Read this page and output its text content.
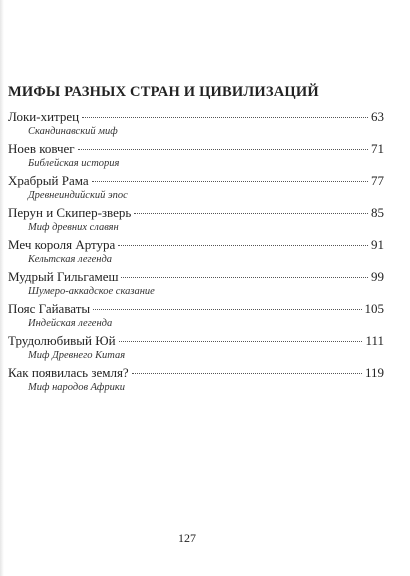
МИФЫ РАЗНЫХ СТРАН И ЦИВИЛИЗАЦИЙ
Локи-хитрец	63
Скандинавский миф
Ноев ковчег	71
Библейская история
Храбрый Рама	77
Древнеиндийский эпос
Перун и Скипер-зверь	85
Миф древних славян
Меч короля Артура	91
Кельтская легенда
Мудрый Гильгамеш	99
Шумеро-аккадское сказание
Пояс Гайаваты	105
Индейская легенда
Трудолюбивый Юй	111
Миф Древнего Китая
Как появилась земля?	119
Миф народов Африки
127
